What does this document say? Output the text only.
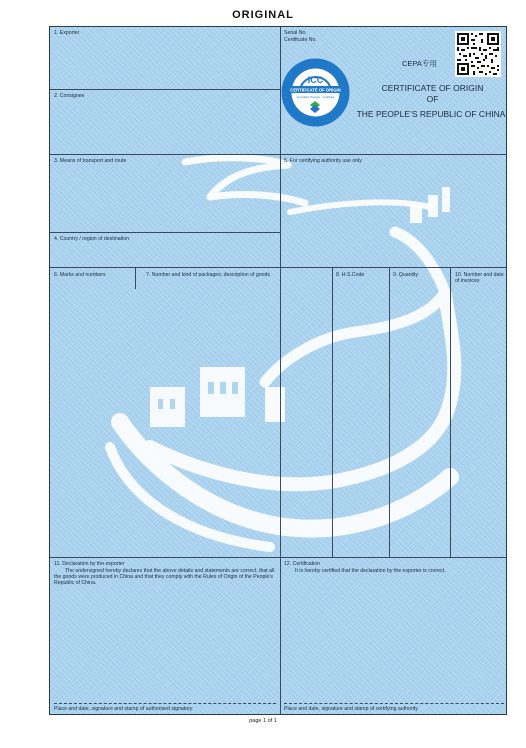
ORIGINAL
1. Exporter
2. Consignee
Serial No.
Certificate No.
CEPA专用
ICC
CERTIFICATE OF ORIGIN
Accredited Chamber · Certificate
CERTIFICATE OF ORIGIN
OF
THE PEOPLE’S REPUBLIC OF CHINA
3. Means of transport and route
4. Country / region of destination
5. For certifying authority use only
6. Marks and numbers	7. Number and kind of packages; description of goods	8. H.S.Code	9. Quantity	10. Number and date of invoices
11. Declaration by the exporter
The undersigned hereby declares that the above details and statements are correct, that all the goods were produced in China and that they comply with the Rules of Origin of the People's Republic of China.
Place and date, signature and stamp of authorized signatory
12. Certification
It is hereby certified that the declaration by the exporter is correct.
Place and date, signature and stamp of certifying authority
page 1 of 1
